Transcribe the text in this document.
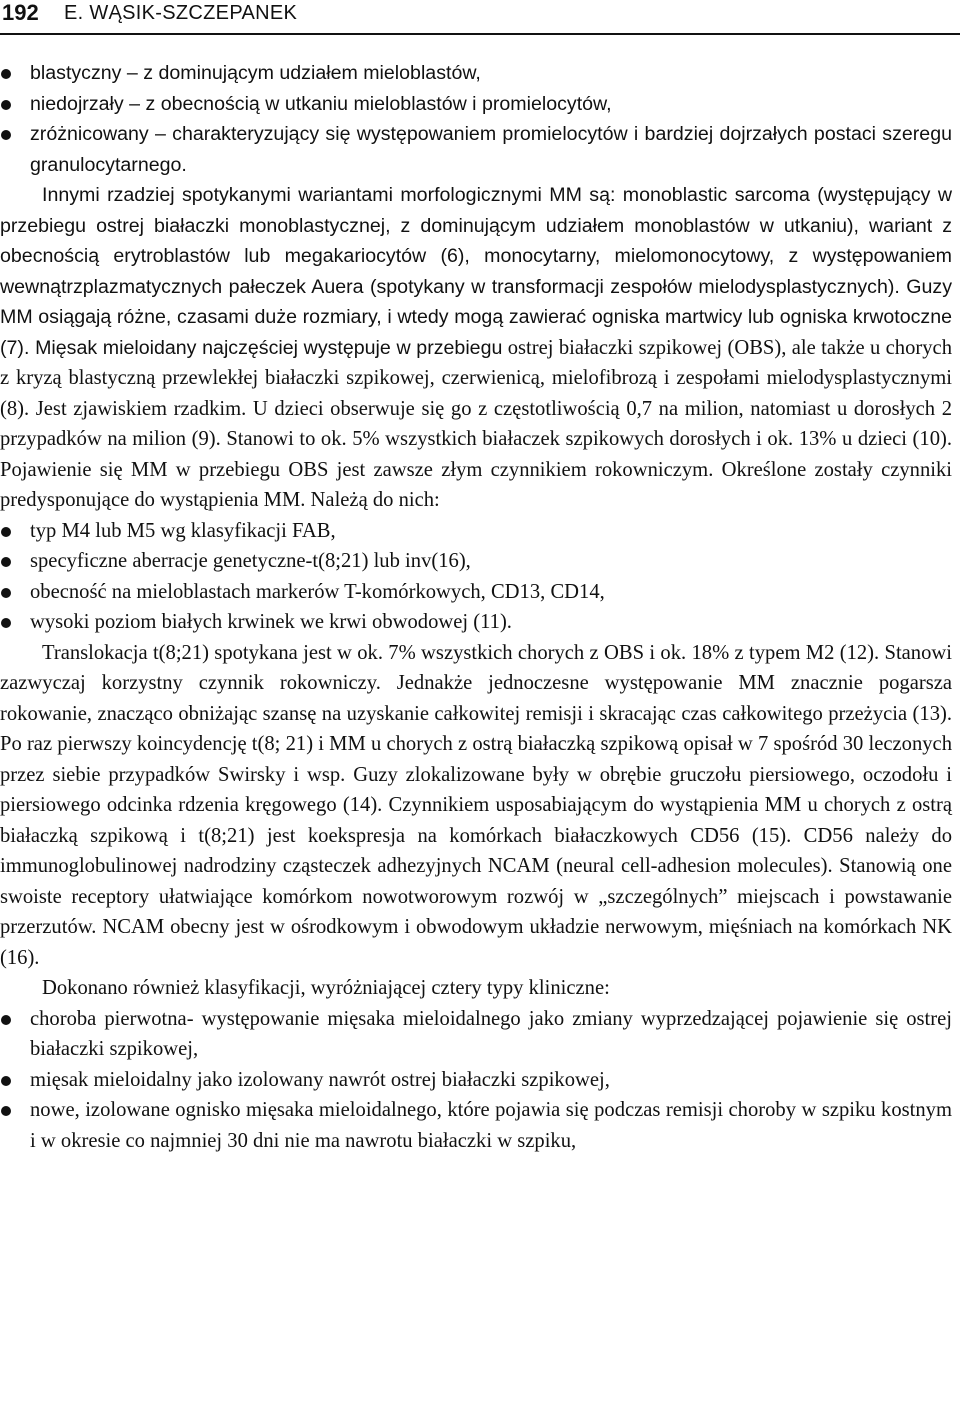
192 E. WĄSIK-SZCZEPANEK
blastyczny – z dominującym udziałem mieloblastów,
niedojrzały – z obecnością w utkaniu mieloblastów i promielocytów,
zróżnicowany – charakteryzujący się występowaniem promielocytów i bardziej dojrzałych postaci szeregu granulocytarnego.

Innymi rzadziej spotykanymi wariantami morfologicznymi MM są: monoblastic sarcoma (występujący w przebiegu ostrej białaczki monoblastycznej, z dominującym udziałem monoblastów w utkaniu), wariant z obecnością erytroblastów lub megakariocytów (6), monocytarny, mielomonocytowy, z występowaniem wewnątrzplazmatycznych pałeczek Auera (spotykany w transformacji zespołów mielodysplastycznych). Guzy MM osiągają różne, czasami duże rozmiary, i wtedy mogą zawierać ogniska martwicy lub ogniska krwotoczne (7). Mięsak mieloidany najczęściej występuje w przebiegu ostrej białaczki szpikowej (OBS), ale także u chorych z kryzą blastyczną przewlekłej białaczki szpikowej, czerwienicą, mielofibrozą i zespołami mielodysplastycznymi (8). Jest zjawiskiem rzadkim. U dzieci obserwuje się go z częstotliwością 0,7 na milion, natomiast u dorosłych 2 przypadków na milion (9). Stanowi to ok. 5% wszystkich białaczek szpikowych dorosłych i ok. 13% u dzieci (10). Pojawienie się MM w przebiegu OBS jest zawsze złym czynnikiem rokowniczym. Określone zostały czynniki predysponujące do wystąpienia MM. Należą do nich:

typ M4 lub M5 wg klasyfikacji FAB,
specyficzne aberracje genetyczne-t(8;21) lub inv(16),
obecność na mieloblastach markerów T-komórkowych, CD13, CD14,
wysoki poziom białych krwinek we krwi obwodowej (11).

Translokacja t(8;21) spotykana jest w ok. 7% wszystkich chorych z OBS i ok. 18% z typem M2 (12). Stanowi zazwyczaj korzystny czynnik rokowniczy. Jednakże jednoczesne występowanie MM znacznie pogarsza rokowanie, znacząco obniżając szansę na uzyskanie całkowitej remisji i skracając czas całkowitego przeżycia (13). Po raz pierwszy koincydencję t(8; 21) i MM u chorych z ostrą białaczką szpikową opisał w 7 spośród 30 leczonych przez siebie przypadków Swirsky i wsp. Guzy zlokalizowane były w obrębie gruczołu piersiowego, oczodołu i piersiowego odcinka rdzenia kręgowego (14). Czynnikiem usposabiającym do wystąpienia MM u chorych z ostrą białaczką szpikową i t(8;21) jest koekspresja na komórkach białaczkowych CD56 (15). CD56 należy do immunoglobulinowej nadrodziny cząsteczek adhezyjnych NCAM (neural cell-adhesion molecules). Stanowią one swoiste receptory ułatwiające komórkom nowotworowym rozwój w „szczególnych” miejscach i powstawanie przerzutów. NCAM obecny jest w ośrodkowym i obwodowym układzie nerwowym, mięśniach na komórkach NK (16).

Dokonano również klasyfikacji, wyróżniającej cztery typy kliniczne:

choroba pierwotna- występowanie mięsaka mieloidalnego jako zmiany wyprzedzającej pojawienie się ostrej białaczki szpikowej,
mięsak mieloidalny jako izolowany nawrót ostrej białaczki szpikowej,
nowe, izolowane ognisko mięsaka mieloidalnego, które pojawia się podczas remisji choroby w szpiku kostnym i w okresie co najmniej 30 dni nie ma nawrotu białaczki w szpiku,
